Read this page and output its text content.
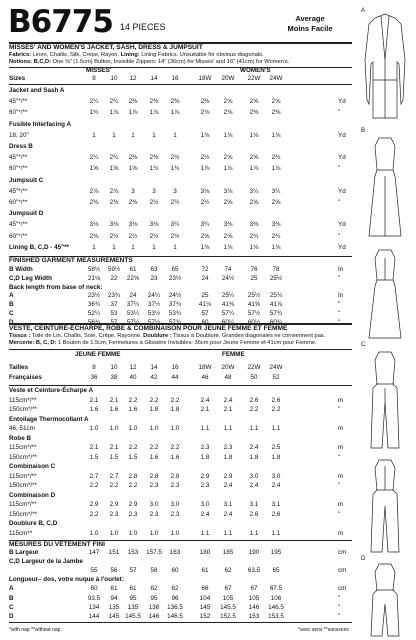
B6775 14 PIECES
Average
Moins Facile
MISSES' AND WOMEN'S JACKET, SASH, DRESS & JUMPSUIT
Fabrics: Linen, Challis, Silk, Crepe, Rayon. Lining: Lining Fabrics. Unsuitable for obvious diagonals.
Notions: B,C,D: One ⅝" (1.5cm) Button, Invisible Zippers: 14" (36cm) for Misses' and 16" (41cm) for Women's.
MISSES'	WOMEN'S
Sizes	8	10	12	14	16	18W	20W	22W	24W
Jacket and Sash A
45"*/**	2¼	2¼	2⅜	2⅜	2⅜	2⅜	2⅝	2⅝	2⅝	Yd
60"*/**	1¾	1⅞	1⅞	1⅞	1⅞	2⅛	2⅛	2⅜	2⅜	"
Fusible Interfacing A
18, 20"	1	1	1	1	1	1⅛	1⅛	1⅛	1⅛	Yd
Dress B
45"*/**	2¼	2¼	2⅜	2⅜	2½	2½	2⅝	2⅝	2¾	Yd
60"*/**	1⅝	1⅝	1⅝	1¾	1¾	1⅞	1⅞	1⅞	1⅞	"
Jumpsuit C
45"*/**	2⅞	2⅞	3	3	3	3⅛	3⅛	3¼	3¼	Yd
60"*/**	2⅜	2⅜	2⅜	2½	2½	2½	2⅝	2⅝	2⅝	"
Jumpsuit D
45"*/**	3⅛	3⅛	3⅛	3⅛	3¼	3¼	3⅜	3⅜	3⅜	Yd
60"*/**	2⅜	2½	2½	2½	2½	2⅝	2⅝	2¾	2¾	"
Lining B, C,D - 45"**	1	1	1	1	1	1⅛	1⅛	1⅛	1⅛	Yd
FINISHED GARMENT MEASUREMENTS
B Width	58½	59½	61	63	65	72	74	76	78	In
C,D Leg Width	21⅛	22	22⅝	23	23½	24	24½	25	25½	"
Back length from base of neck:
A	23½	23¾	24	24¼	24½	25	25¼	25½	25¾	In
B	36¾	37	37¼	37½	37¾	41⅛	41⅜	41⅝	41⅞	"
C	52¼	53	53¼	53½	53¾	57	57¼	57½	57¾	"
VESTE, CEINTURE-ÉCHARPE, ROBE & COMBINAISON POUR JEUNE FEMME ET FEMME
Tissus : Toile de Lin, Challis, Soie, Crêpe, Rayonne. Doublure : Tissus à Doublure. Grandes diagonales ne conviennent pas.
Mercerie: B, C, D: 1 Bouton de 1.5cm, Fermetures à Glissière Invisibles: 36cm pour Jeune Femme et 41cm pour Femme.
JEUNE FEMME	FEMME
Tailles	8	10	12	14	16	18W	20W	22W	24W
Françaises	36	38	40	42	44	46	48	50	52
Veste et Ceinture-Écharpe A
115cm*/**	2.1	2.1	2.2	2.2	2.2	2.4	2.4	2.6	2.6	m
150cm*/**	1.6	1.6	1.6	1.8	1.8	2.1	2.1	2.2	2.2	"
Entoilage Thermocollant A
46, 51cm	1.0	1.0	1.0	1.0	1.0	1.1	1.1	1.1	1.1	m
Robe B
115cm*/**	2.1	2.1	2.2	2.2	2.2	2.3	2.3	2.4	2.5	m
150cm*/**	1.5	1.5	1.5	1.6	1.6	1.8	1.8	1.8	1.8	"
Combinaison C
115cm*/**	2.7	2.7	2.8	2.8	2.8	2.9	2.9	3.0	3.0	m
150cm*/**	2.2	2.2	2.2	2.3	2.3	2.3	2.4	2.4	2.4	"
Combinaison D
115cm*/**	2.9	2.9	2.9	3.0	3.0	3.0	3.1	3.1	3.1	m
150cm*/**	2.2	2.3	2.3	2.3	2.3	2.4	2.4	2.6	2.6	"
Doublure B, C,D
115cm**	1.0	1.0	1.0	1.0	1.0	1.1	1.1	1.1	1.1	m
MESURES DU VÊTEMENT FINI
B Largeur	147	151	153	157.5	163	180	185	190	195	cm
C,D Largeur de la Jambe
55	56	57	58	60	61	62	63.5	65	cm
Longueur– dos, votre nuque à l'ourlet:
A	60	61	61	62	62	66	67	67	67.5	cm
B	93.5	94	95	95	96	104	105	105	106	"
C	134	135	135	136	136.5	145	145.5	146	146.5	"
D	144	145 145.5	146	146.5	152	152.5	153	153.5	"
*with nap **without nap	*avec sens **sanssens
A
B
C
D
